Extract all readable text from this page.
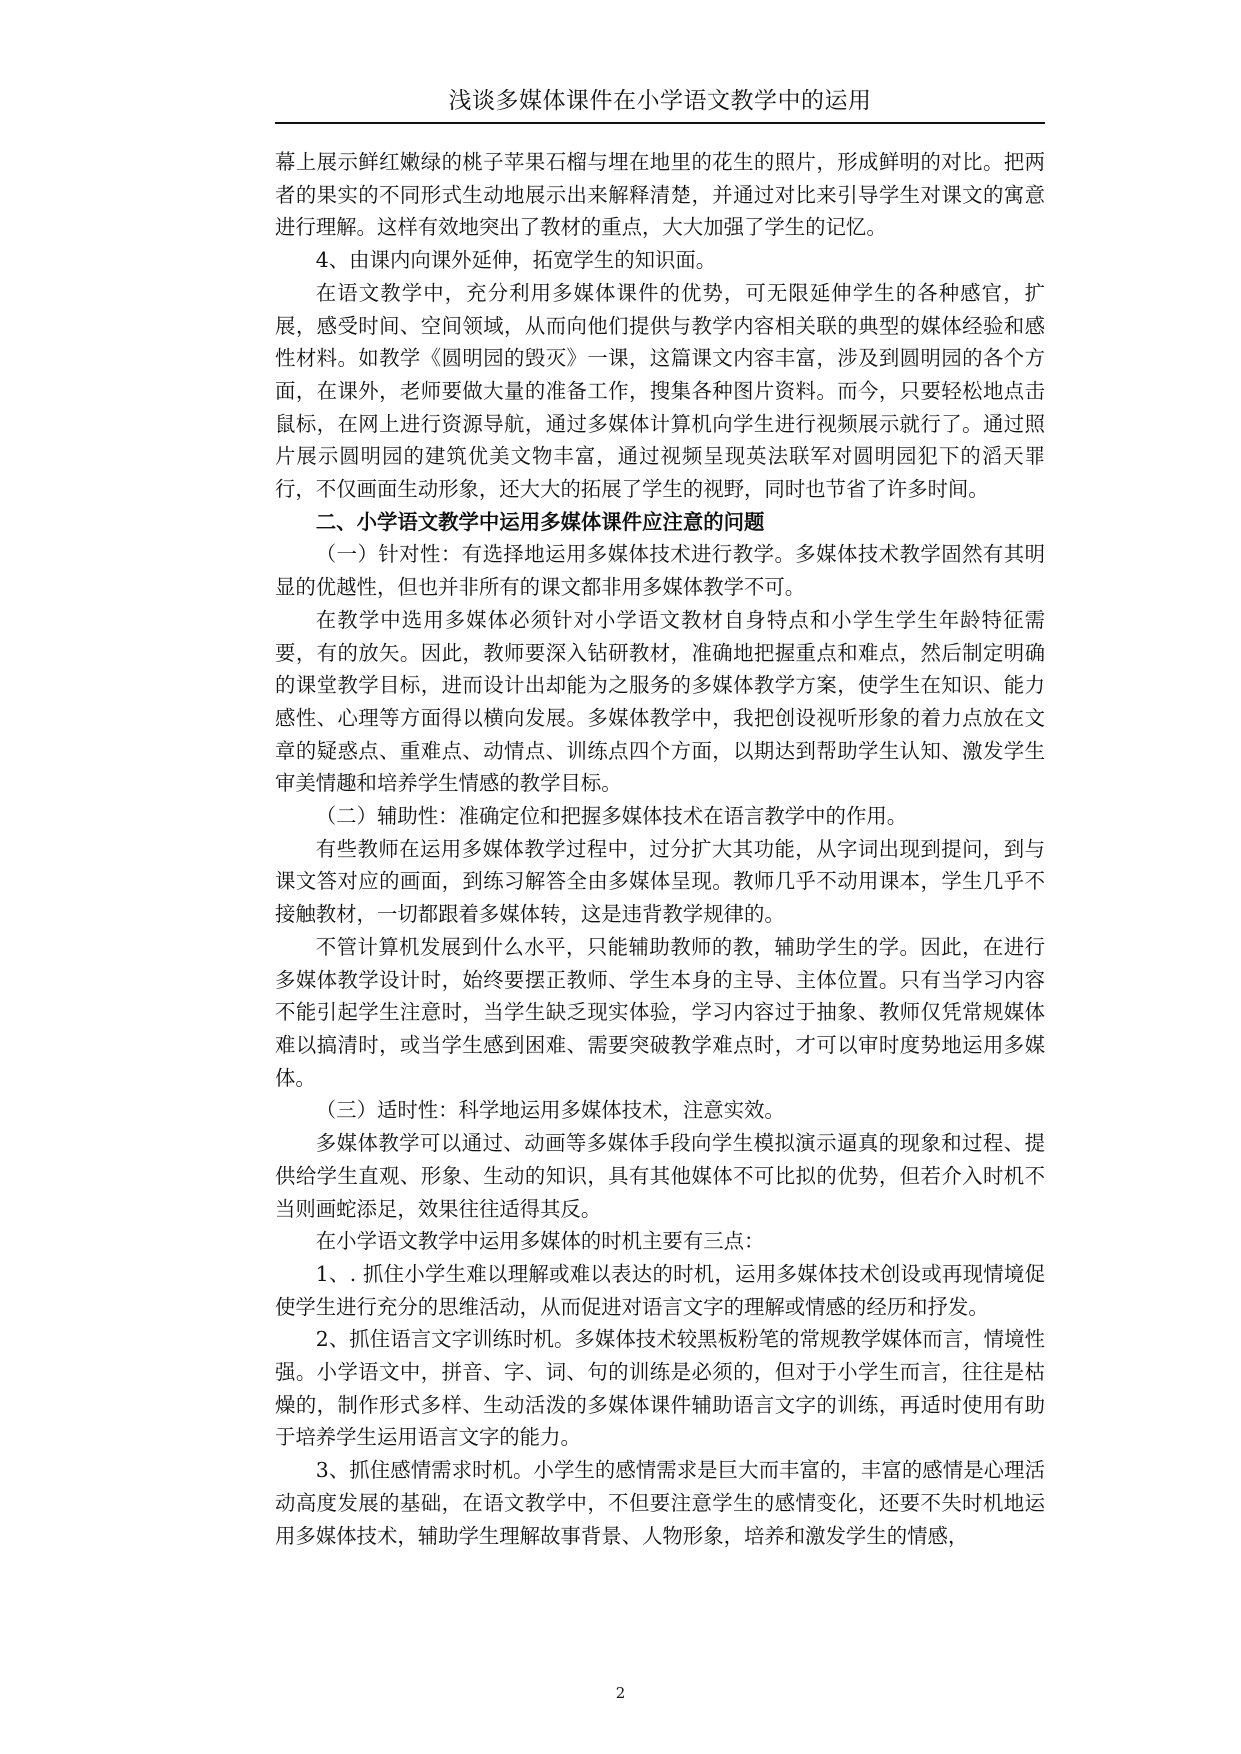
浅谈多媒体课件在小学语文教学中的运用

幕上展示鲜红嫩绿的桃子苹果石榴与埋在地里的花生的照片，形成鲜明的对比。把两者的果实的不同形式生动地展示出来解释清楚，并通过对比来引导学生对课文的寓意进行理解。这样有效地突出了教材的重点，大大加强了学生的记忆。

4、由课内向课外延伸，拓宽学生的知识面。

在语文教学中，充分利用多媒体课件的优势，可无限延伸学生的各种感官，扩展，感受时间、空间领域，从而向他们提供与教学内容相关联的典型的媒体经验和感性材料。如教学《圆明园的毁灭》一课，这篇课文内容丰富，涉及到圆明园的各个方面，在课外，老师要做大量的准备工作，搜集各种图片资料。而今，只要轻松地点击鼠标，在网上进行资源导航，通过多媒体计算机向学生进行视频展示就行了。通过照片展示圆明园的建筑优美文物丰富，通过视频呈现英法联军对圆明园犯下的滔天罪行，不仅画面生动形象，还大大的拓展了学生的视野，同时也节省了许多时间。

二、小学语文教学中运用多媒体课件应注意的问题

（一）针对性：有选择地运用多媒体技术进行教学。多媒体技术教学固然有其明显的优越性，但也并非所有的课文都非用多媒体教学不可。

在教学中选用多媒体必须针对小学语文教材自身特点和小学生学生年龄特征需要，有的放矢。因此，教师要深入钻研教材，准确地把握重点和难点，然后制定明确的课堂教学目标，进而设计出却能为之服务的多媒体教学方案，使学生在知识、能力感性、心理等方面得以横向发展。多媒体教学中，我把创设视听形象的着力点放在文章的疑惑点、重难点、动情点、训练点四个方面，以期达到帮助学生认知、激发学生审美情趣和培养学生情感的教学目标。

（二）辅助性：准确定位和把握多媒体技术在语言教学中的作用。

有些教师在运用多媒体教学过程中，过分扩大其功能，从字词出现到提问，到与课文答对应的画面，到练习解答全由多媒体呈现。教师几乎不动用课本，学生几乎不接触教材，一切都跟着多媒体转，这是违背教学规律的。

不管计算机发展到什么水平，只能辅助教师的教，辅助学生的学。因此，在进行多媒体教学设计时，始终要摆正教师、学生本身的主导、主体位置。只有当学习内容不能引起学生注意时，当学生缺乏现实体验，学习内容过于抽象、教师仅凭常规媒体难以搞清时，或当学生感到困难、需要突破教学难点时，才可以审时度势地运用多媒体。

（三）适时性：科学地运用多媒体技术，注意实效。

多媒体教学可以通过、动画等多媒体手段向学生模拟演示逼真的现象和过程、提供给学生直观、形象、生动的知识，具有其他媒体不可比拟的优势，但若介入时机不当则画蛇添足，效果往往适得其反。

在小学语文教学中运用多媒体的时机主要有三点：

1、. 抓住小学生难以理解或难以表达的时机，运用多媒体技术创设或再现情境促使学生进行充分的思维活动，从而促进对语言文字的理解或情感的经历和抒发。

2、抓住语言文字训练时机。多媒体技术较黑板粉笔的常规教学媒体而言，情境性强。小学语文中，拼音、字、词、句的训练是必须的，但对于小学生而言，往往是枯燥的，制作形式多样、生动活泼的多媒体课件辅助语言文字的训练，再适时使用有助于培养学生运用语言文字的能力。

3、抓住感情需求时机。小学生的感情需求是巨大而丰富的，丰富的感情是心理活动高度发展的基础，在语文教学中，不但要注意学生的感情变化，还要不失时机地运用多媒体技术，辅助学生理解故事背景、人物形象，培养和激发学生的情感，

2
